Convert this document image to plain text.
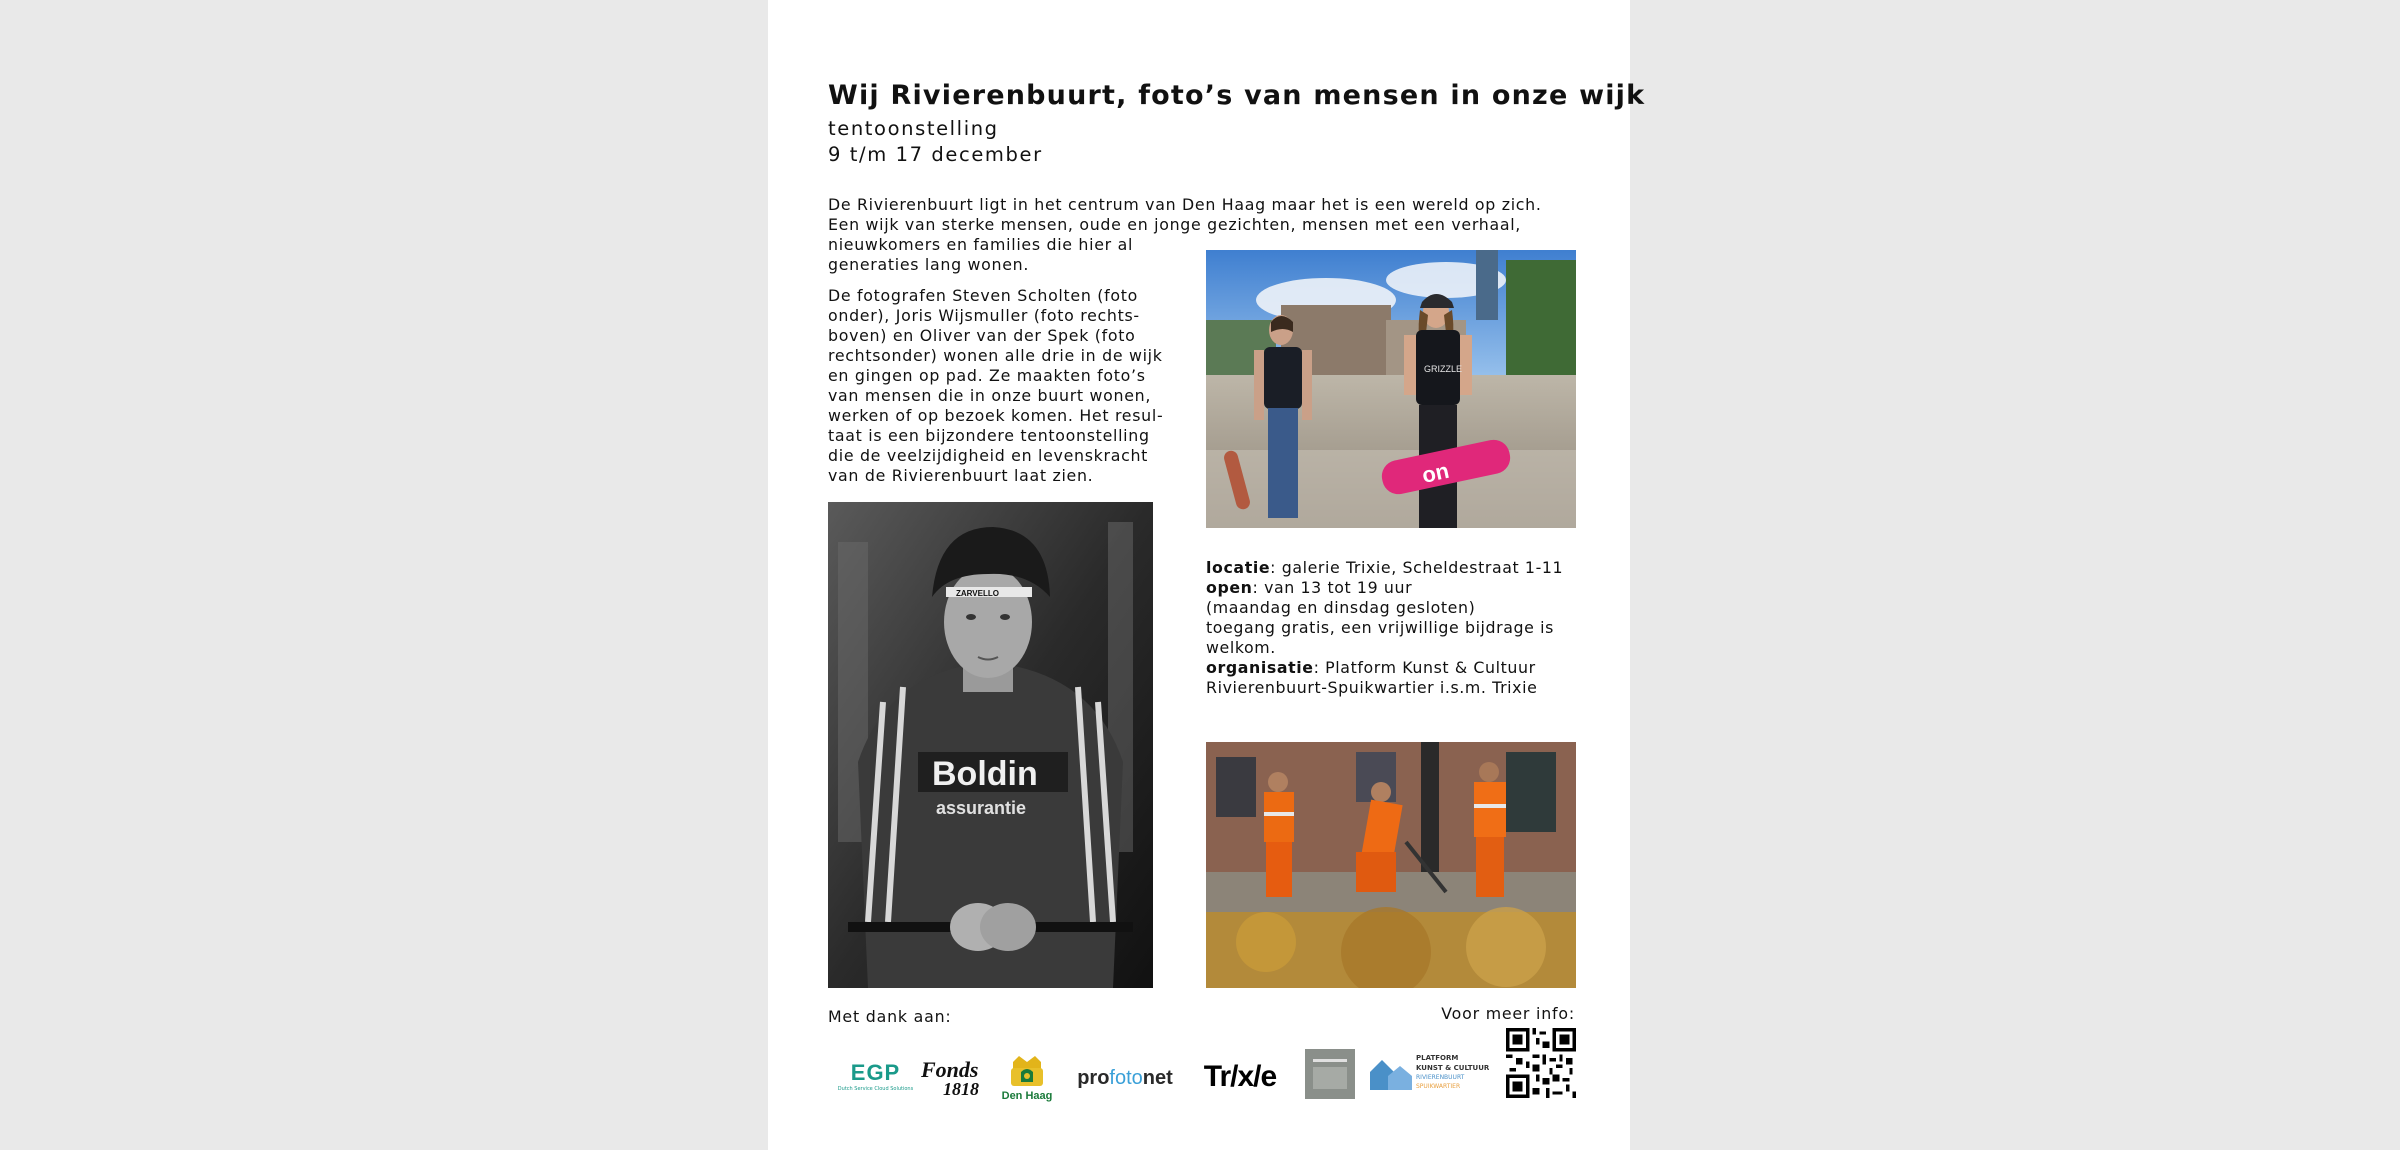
Wij Rivierenbuurt, foto’s van mensen in onze wijk
tentoonstelling
9 t/m 17 december

De Rivierenbuurt ligt in het centrum van Den Haag maar het is een wereld op zich.

Een wijk van sterke mensen, oude en jonge gezichten, mensen met een verhaal,

nieuwkomers en families die hier al

generaties lang wonen.

De fotografen Steven Scholten (foto onder), Joris Wijsmuller (foto rechts-boven) en Oliver van der Spek (foto rechtsonder) wonen alle drie in de wijk en gingen op pad. Ze maakten foto’s van mensen die in onze buurt wonen, werken of op bezoek komen. Het resul-taat is een bijzondere tentoonstelling die de veelzijdigheid en levenskracht van de Rivierenbuurt laat zien.	on
GRIZZLE
locatie: galerie Trixie, Scheldestraat 1-11
open: van 13 tot 19 uur
(maandag en dinsdag gesloten)
toegang gratis, een vrijwillige bijdrage is welkom.
organisatie: Platform Kunst & Cultuur Rivierenbuurt-Spuikwartier i.s.m. Trixie
Boldin
assurantie
ZARVELLO
Met dank aan:	Voor meer info:
EGP
Dutch Service Cloud Solutions
Fonds
1818 Den Haag
pro foto net Tr/x/e
PLATFORM
KUNST & CULTUUR
RIVIERENBUURT
SPUIKWARTIER
